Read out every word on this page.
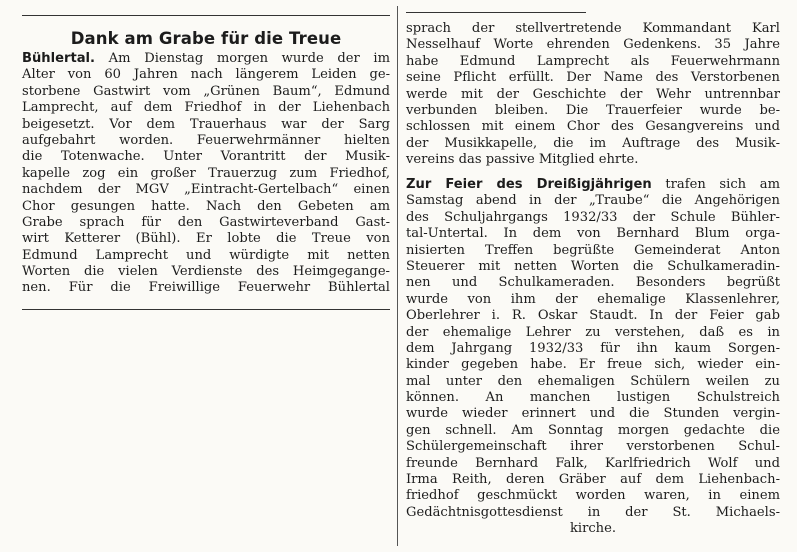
Dank am Grabe für die Treue
Bühlertal. Am Dienstag morgen wurde der im
Alter von 60 Jahren nach längerem Leiden ge-
storbene Gastwirt vom „Grünen Baum“, Edmund
Lamprecht, auf dem Friedhof in der Liehenbach
beigesetzt. Vor dem Trauerhaus war der Sarg
aufgebahrt worden. Feuerwehrmänner hielten
die Totenwache. Unter Vorantritt der Musik-
kapelle zog ein großer Trauerzug zum Friedhof,
nachdem der MGV „Eintracht-Gertelbach“ einen
Chor gesungen hatte. Nach den Gebeten am
Grabe sprach für den Gastwirteverband Gast-
wirt Ketterer (Bühl). Er lobte die Treue von
Edmund Lamprecht und würdigte mit netten
Worten die vielen Verdienste des Heimgegange-
nen. Für die Freiwillige Feuerwehr Bühlertal
sprach der stellvertretende Kommandant Karl
Nesselhauf Worte ehrenden Gedenkens. 35 Jahre
habe Edmund Lamprecht als Feuerwehrmann
seine Pflicht erfüllt. Der Name des Verstorbenen
werde mit der Geschichte der Wehr untrennbar
verbunden bleiben. Die Trauerfeier wurde be-
schlossen mit einem Chor des Gesangvereins und
der Musikkapelle, die im Auftrage des Musik-
vereins das passive Mitglied ehrte.
Zur Feier des Dreißigjährigen trafen sich am
Samstag abend in der „Traube“ die Angehörigen
des Schuljahrgangs 1932/33 der Schule Bühler-
tal-Untertal. In dem von Bernhard Blum orga-
nisierten Treffen begrüßte Gemeinderat Anton
Steuerer mit netten Worten die Schulkameradin-
nen und Schulkameraden. Besonders begrüßt
wurde von ihm der ehemalige Klassenlehrer,
Oberlehrer i. R. Oskar Staudt. In der Feier gab
der ehemalige Lehrer zu verstehen, daß es in
dem Jahrgang 1932/33 für ihn kaum Sorgen-
kinder gegeben habe. Er freue sich, wieder ein-
mal unter den ehemaligen Schülern weilen zu
können. An manchen lustigen Schulstreich
wurde wieder erinnert und die Stunden vergin-
gen schnell. Am Sonntag morgen gedachte die
Schülergemeinschaft ihrer verstorbenen Schul-
freunde Bernhard Falk, Karlfriedrich Wolf und
Irma Reith, deren Gräber auf dem Liehenbach-
friedhof geschmückt worden waren, in einem
Gedächtnisgottesdienst in der St. Michaels-
kirche.
